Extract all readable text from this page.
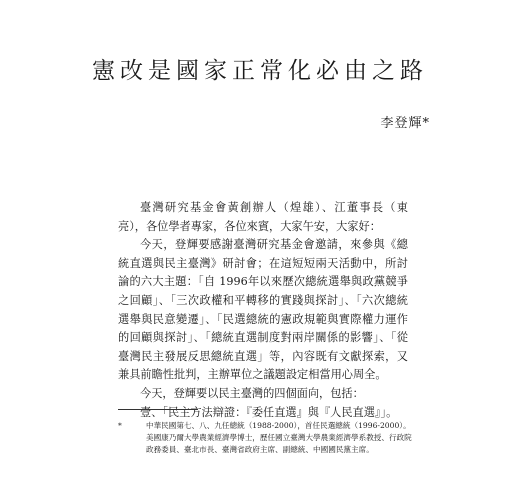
憲改是國家正常化必由之路
李登輝*

臺灣研究基金會黃創辦人（煌雄）、江董事長（東亮），各位學者專家，各位來賓，大家午安，大家好：

今天，登輝要感謝臺灣研究基金會邀請，來參與《總統直選與民主臺灣》研討會；在這短短兩天活動中，所討論的六大主題：「自 1996年以來歷次總統選舉與政黨競爭之回顧」、「三次政權和平轉移的實踐與探討」、「六次總統選舉與民意變遷」、「民選總統的憲政規範與實際權力運作的回顧與探討」、「總統直選制度對兩岸關係的影響」、「從臺灣民主發展反思總統直選」等，內容既有文獻探索，又兼具前瞻性批判，主辦單位之議題設定相當用心周全。

今天，登輝要以民主臺灣的四個面向，包括：

壹、「民主方法辯證：『委任直選』與『人民直選』」。

*	中華民國第七、八、九任總統（1988-2000），首任民選總統（1996-2000）。美國康乃爾大學農業經濟學博士，歷任國立臺灣大學農業經濟學系教授、行政院政務委員、臺北市長、臺灣省政府主席、副總統、中國國民黨主席。
